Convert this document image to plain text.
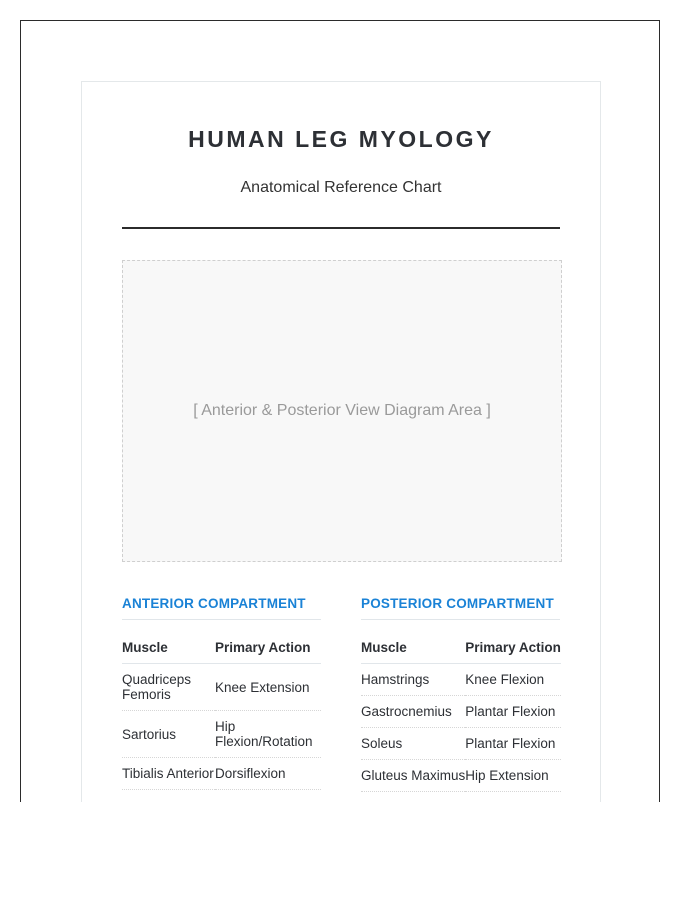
HUMAN LEG MYOLOGY

Anatomical Reference Chart

[ Anterior & Posterior View Diagram Area ]
ANTERIOR COMPARTMENT
Muscle	Primary Action
Quadriceps Femoris	Knee Extension
Sartorius	Hip Flexion/Rotation
Tibialis Anterior	Dorsiflexion
POSTERIOR COMPARTMENT
Muscle	Primary Action
Hamstrings	Knee Flexion
Gastrocnemius	Plantar Flexion
Soleus	Plantar Flexion
Gluteus Maximus	Hip Extension
